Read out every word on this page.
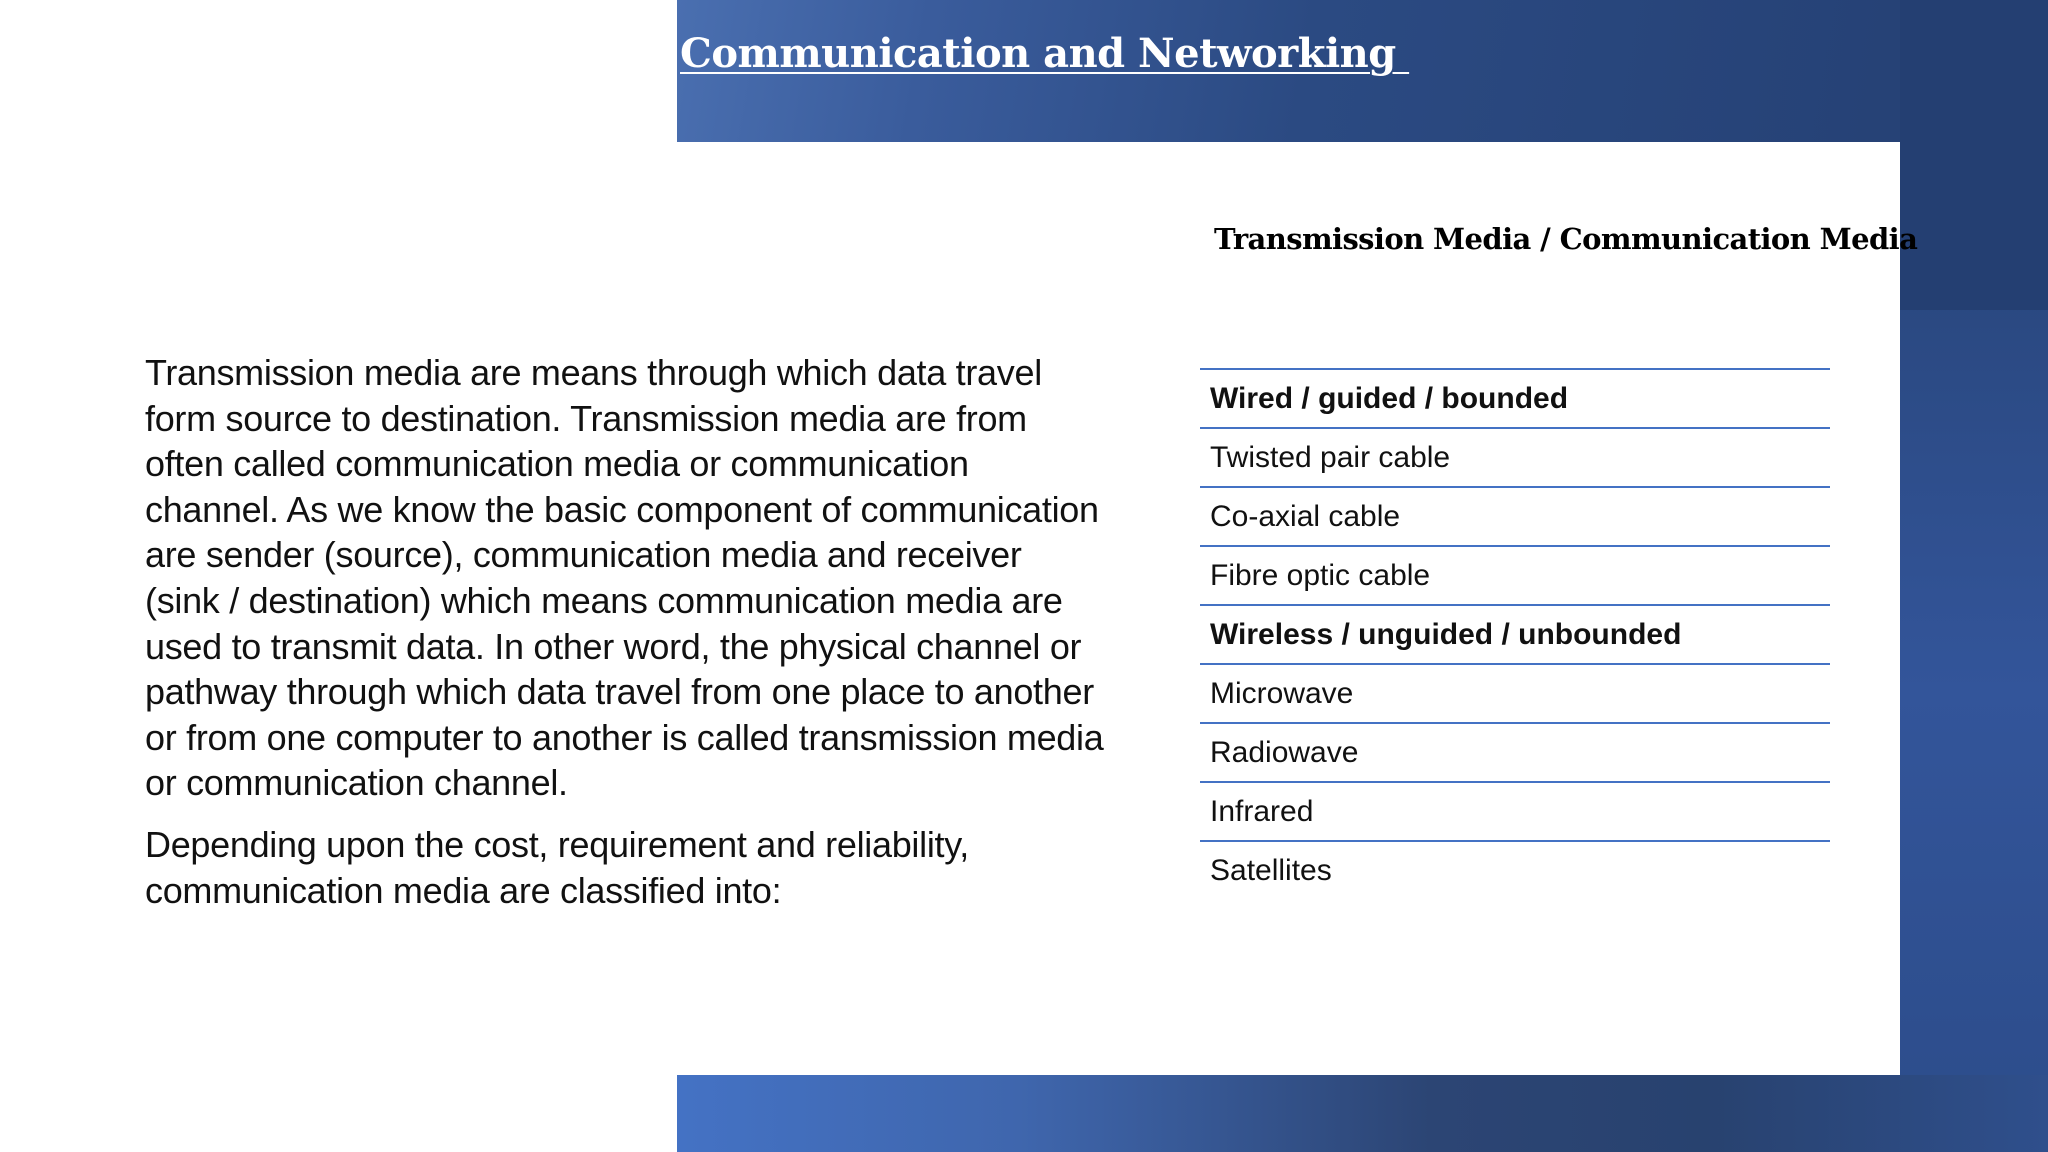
Communication and Networking
Transmission Media / Communication Media

Transmission media are means through which data travel form source to destination. Transmission media are from often called communication media or communication channel. As we know the basic component of communication are sender (source), communication media and receiver (sink / destination) which means communication media are used to transmit data. In other word, the physical channel or pathway through which data travel from one place to another or from one computer to another is called transmission media or communication channel.

Depending upon the cost, requirement and reliability, communication media are classified into:

Wired / guided / bounded
Twisted pair cable
Co-axial cable
Fibre optic cable
Wireless / unguided / unbounded
Microwave
Radiowave
Infrared
Satellites
